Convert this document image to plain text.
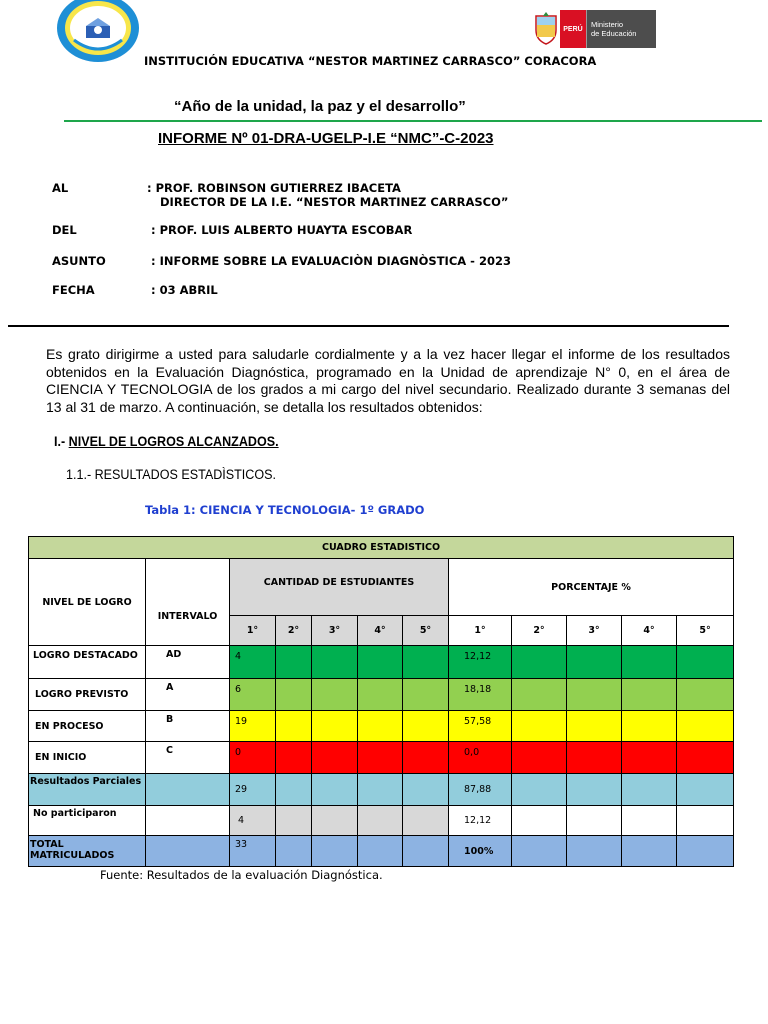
PERÚ	Ministerio
de Educación
INSTITUCIÓN EDUCATIVA “NESTOR MARTINEZ CARRASCO” CORACORA
“Año de la unidad, la paz y el desarrollo”
INFORME Nº 01-DRA-UGELP-I.E “NMC”-C-2023
AL	: PROF. ROBINSON GUTIERREZ IBACETA
DIRECTOR DE LA I.E. “NESTOR MARTINEZ CARRASCO”
DEL	: PROF. LUIS ALBERTO HUAYTA ESCOBAR
ASUNTO	: INFORME SOBRE LA EVALUACIÒN DIAGNÒSTICA - 2023
FECHA	: 03 ABRIL
Es grato dirigirme a usted para saludarle cordialmente y a la vez hacer llegar el informe de los resultados obtenidos en la Evaluación Diagnóstica, programado en la Unidad de aprendizaje N° 0, en el área de CIENCIA Y TECNOLOGIA de los grados a mi cargo del nivel secundario. Realizado durante 3 semanas del 13 al 31 de marzo. A continuación, se detalla los resultados obtenidos:
I.- NIVEL DE LOGROS ALCANZADOS.
1.1.- RESULTADOS ESTADÌSTICOS.
Tabla 1: CIENCIA Y TECNOLOGIA- 1º GRADO
CUADRO ESTADISTICO											
NIVEL DE LOGRO	INTERVALO	CANTIDAD DE ESTUDIANTES					PORCENTAJE %				
		1°	2°	3°	4°	5°	1°	2°	3°	4°	5°
LOGRO DESTACADO	AD	4					12,12				
LOGRO PREVISTO	A	6					18,18				
EN PROCESO	B	19					57,58				
EN INICIO	C	0					0,0				
Resultados Parciales		29					87,88				
No participaron		4					12,12				
TOTAL MATRICULADOS		33					100%				
Fuente: Resultados de la evaluación Diagnóstica.
